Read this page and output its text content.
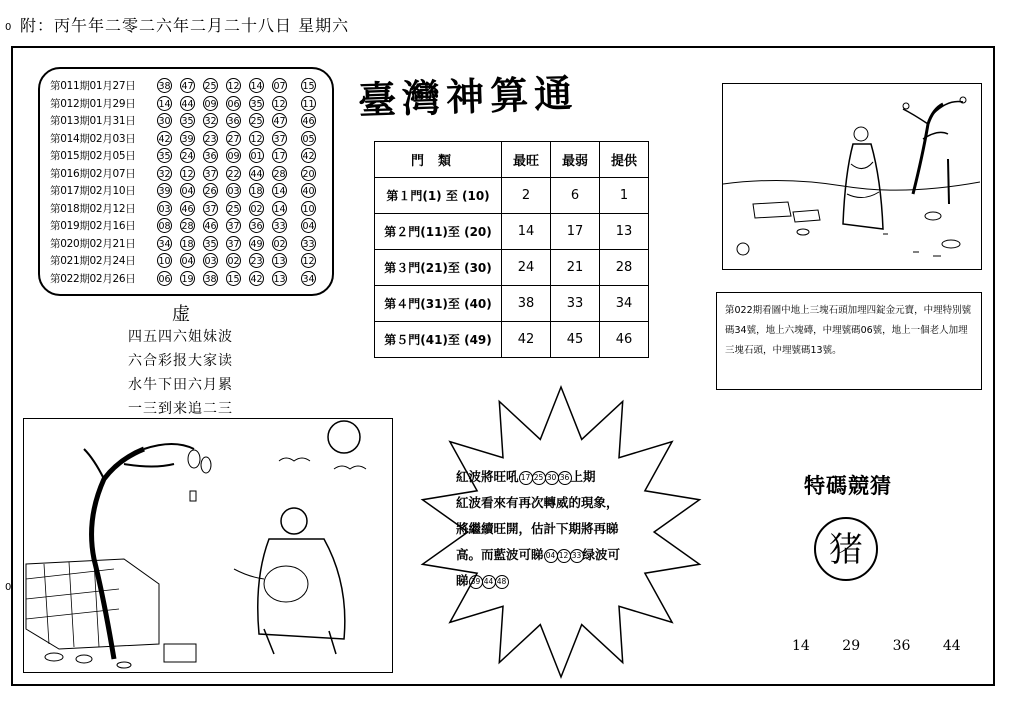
0 附：丙午年二零二六年二月二十八日 星期六
0
第011期01月27日	38 47 25 12 14 07 15
第012期01月29日	14 44 09 06 35 12 11
第013期01月31日	30 35 32 36 25 47 46
第014期02月03日	42 39 23 27 12 37 05
第015期02月05日	35 24 36 09 01 17 42
第016期02月07日	32 12 37 22 44 28 20
第017期02月10日	39 04 26 03 18 14 40
第018期02月12日	03 46 37 25 02 14 10
第019期02月16日	08 28 46 37 36 33 04
第020期02月21日	34 18 35 37 49 02 33
第021期02月24日	10 04 03 02 23 13 12
第022期02月26日	06 19 38 15 42 13 34
虚
四五四六姐妹波
六合彩报大家读
水牛下田六月累
一三到来追二三
臺灣神算通
門類	最旺	最弱	提供
第１門(1) 至 (10)	2	6	1
第２門(11)至 (20)	14	17	13
第３門(21)至 (30)	24	21	28
第４門(31)至 (40)	38	33	34
第５門(41)至 (49)	42	45	46
第022期看圖中地上三塊石頭加埋四錠金元寶，中埋特別號碼34號，地上六塊磚，中埋號碼06號，地上一個老人加埋三塊石頭，中埋號碼13號。
紅波將旺吼 17 25 30 36上期
紅波看來有再次轉威的現象，
將繼續旺開，估計下期將再睇
高。而藍波可睇 04 12 33绿波可
睇 39 44 48
特碼競猜
猪
14 29 36 44
